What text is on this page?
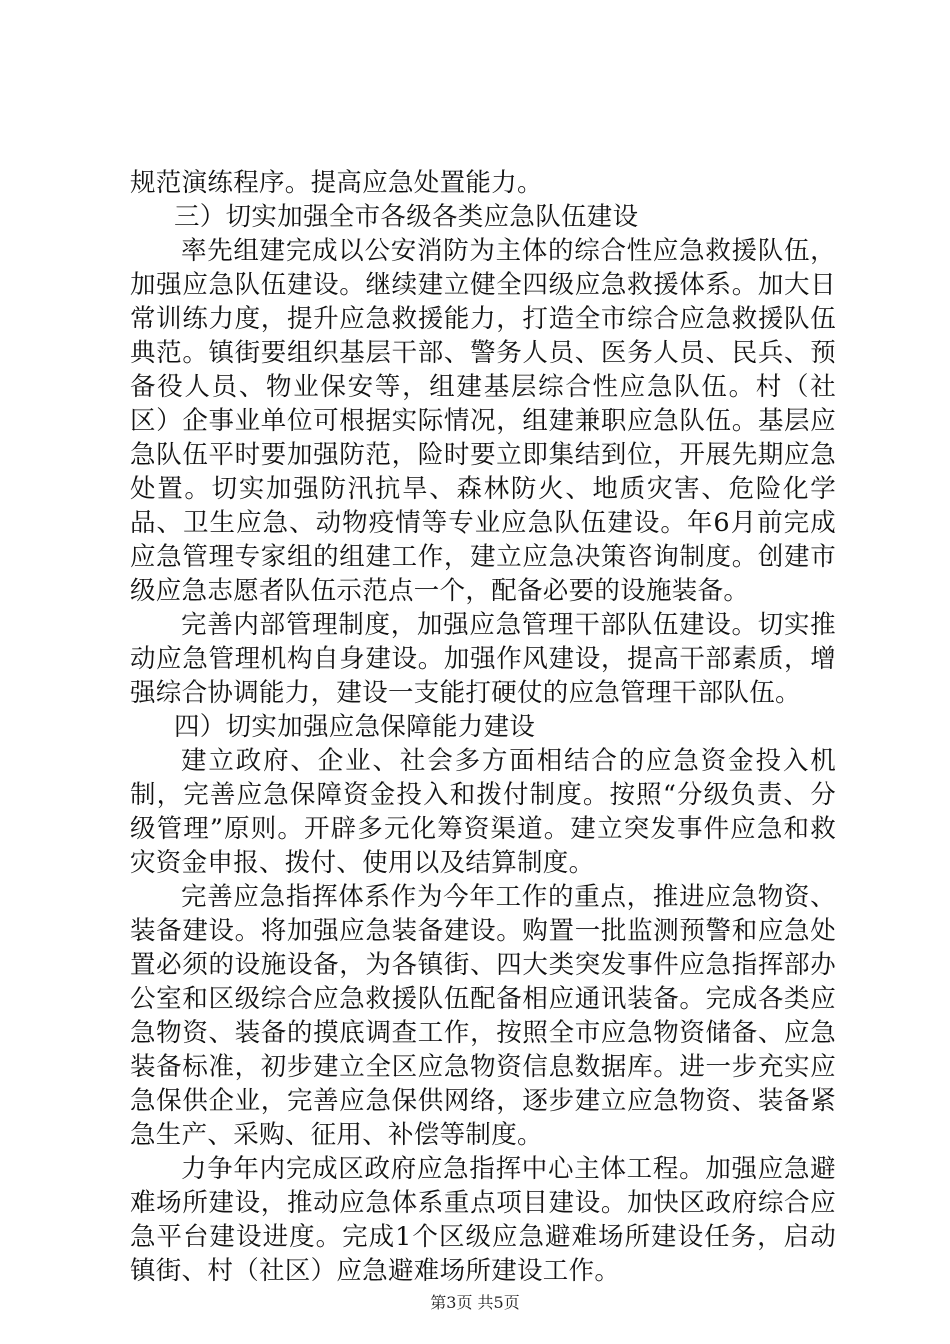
规范演练程序。提高应急处置能力。

三）切实加强全市各级各类应急队伍建设

率先组建完成以公安消防为主体的综合性应急救援队伍，加强应急队伍建设。继续建立健全四级应急救援体系。加大日常训练力度，提升应急救援能力，打造全市综合应急救援队伍典范。镇街要组织基层干部、警务人员、医务人员、民兵、预备役人员、物业保安等，组建基层综合性应急队伍。村（社区）企事业单位可根据实际情况，组建兼职应急队伍。基层应急队伍平时要加强防范，险时要立即集结到位，开展先期应急处置。切实加强防汛抗旱、森林防火、地质灾害、危险化学品、卫生应急、动物疫情等专业应急队伍建设。年6月前完成应急管理专家组的组建工作，建立应急决策咨询制度。创建市级应急志愿者队伍示范点一个，配备必要的设施装备。

完善内部管理制度，加强应急管理干部队伍建设。切实推动应急管理机构自身建设。加强作风建设，提高干部素质，增强综合协调能力，建设一支能打硬仗的应急管理干部队伍。

四）切实加强应急保障能力建设

建立政府、企业、社会多方面相结合的应急资金投入机制，完善应急保障资金投入和拨付制度。按照“分级负责、分级管理”原则。开辟多元化筹资渠道。建立突发事件应急和救灾资金申报、拨付、使用以及结算制度。

完善应急指挥体系作为今年工作的重点，推进应急物资、装备建设。将加强应急装备建设。购置一批监测预警和应急处置必须的设施设备，为各镇街、四大类突发事件应急指挥部办公室和区级综合应急救援队伍配备相应通讯装备。完成各类应急物资、装备的摸底调查工作，按照全市应急物资储备、应急装备标准，初步建立全区应急物资信息数据库。进一步充实应急保供企业，完善应急保供网络，逐步建立应急物资、装备紧急生产、采购、征用、补偿等制度。

力争年内完成区政府应急指挥中心主体工程。加强应急避难场所建设，推动应急体系重点项目建设。加快区政府综合应急平台建设进度。完成1个区级应急避难场所建设任务，启动镇街、村（社区）应急避难场所建设工作。

第3页 共5页
